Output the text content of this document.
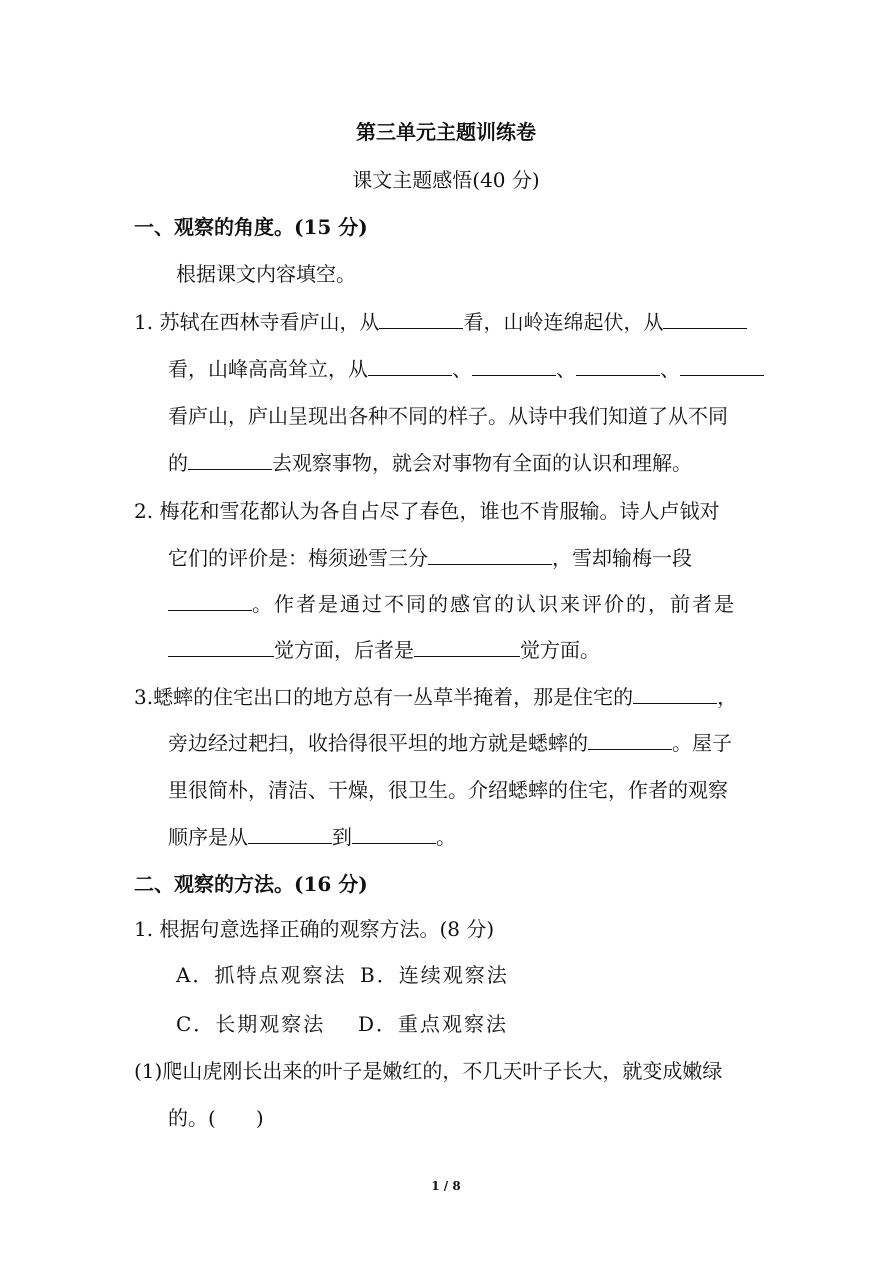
第三单元主题训练卷
课文主题感悟(40 分)
一、观察的角度。(15 分)
根据课文内容填空。
1. 苏轼在西林寺看庐山，从	看，山岭连绵起伏，从
看，山峰高高耸立，从	、	、	、
看庐山，庐山呈现出各种不同的样子。从诗中我们知道了从不同
的	去观察事物，就会对事物有全面的认识和理解。
2. 梅花和雪花都认为各自占尽了春色，谁也不肯服输。诗人卢钺对
它们的评价是：梅须逊雪三分	，雪却输梅一段
。作者是通过不同的感官的认识来评价的，前者是
觉方面，后者是	觉方面。
3.蟋蟀的住宅出口的地方总有一丛草半掩着，那是住宅的	，
旁边经过耙扫，收拾得很平坦的地方就是蟋蟀的	。屋子
里很简朴，清洁、干燥，很卫生。介绍蟋蟀的住宅，作者的观察
顺序是从	到	。
二、观察的方法。(16 分)
1. 根据句意选择正确的观察方法。(8 分)
A．抓特点观察法 B．连续观察法
C．长期观察法 D．重点观察法
(1)爬山虎刚长出来的叶子是嫩红的，不几天叶子长大，就变成嫩绿
的。( )
1 / 8
